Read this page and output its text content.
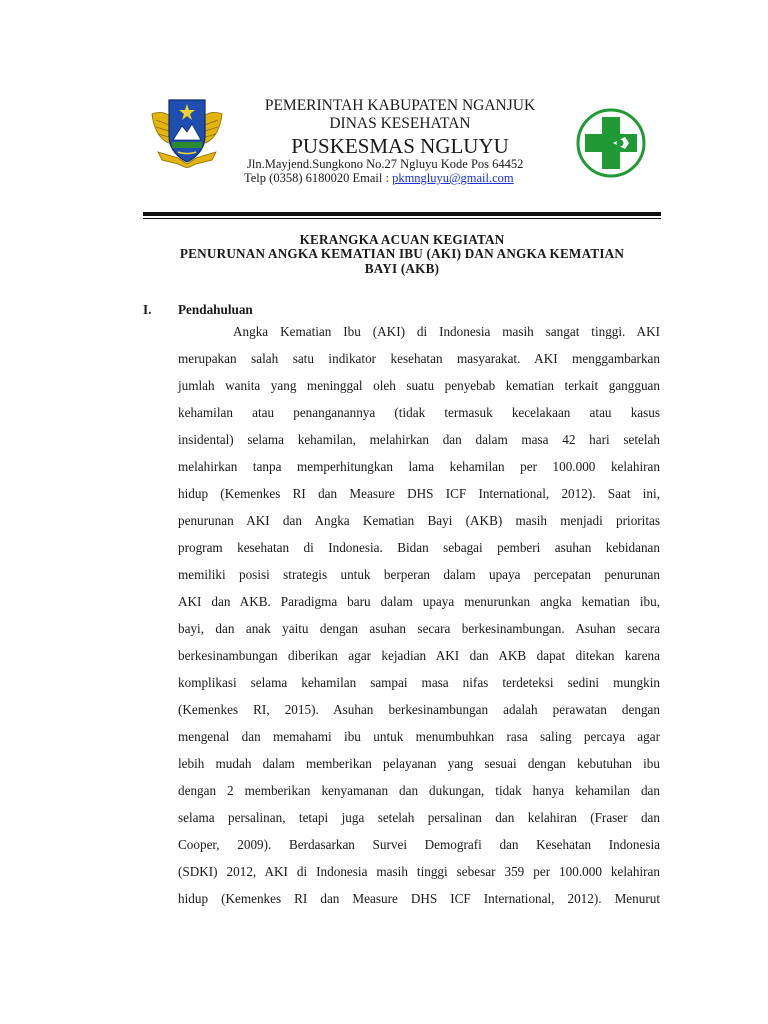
PEMERINTAH KABUPATEN NGANJUK

DINAS KESEHATAN

PUSKESMAS NGLUYU

Jln.Mayjend.Sungkono No.27 Ngluyu Kode Pos 64452

Telp (0358) 6180020 Email : pkmngluyu@gmail.com

KERANGKA ACUAN KEGIATAN

PENURUNAN ANGKA KEMATIAN IBU (AKI) DAN ANGKA KEMATIAN

BAYI (AKB)

I. Pendahuluan

Angka Kematian Ibu (AKI) di Indonesia masih sangat tinggi. AKI

merupakan salah satu indikator kesehatan masyarakat. AKI menggambarkan

jumlah wanita yang meninggal oleh suatu penyebab kematian terkait gangguan

kehamilan atau penanganannya (tidak termasuk kecelakaan atau kasus

insidental) selama kehamilan, melahirkan dan dalam masa 42 hari setelah

melahirkan tanpa memperhitungkan lama kehamilan per 100.000 kelahiran

hidup (Kemenkes RI dan Measure DHS ICF International, 2012). Saat ini,

penurunan AKI dan Angka Kematian Bayi (AKB) masih menjadi prioritas

program kesehatan di Indonesia. Bidan sebagai pemberi asuhan kebidanan

memiliki posisi strategis untuk berperan dalam upaya percepatan penurunan

AKI dan AKB. Paradigma baru dalam upaya menurunkan angka kematian ibu,

bayi, dan anak yaitu dengan asuhan secara berkesinambungan. Asuhan secara

berkesinambungan diberikan agar kejadian AKI dan AKB dapat ditekan karena

komplikasi selama kehamilan sampai masa nifas terdeteksi sedini mungkin

(Kemenkes RI, 2015). Asuhan berkesinambungan adalah perawatan dengan

mengenal dan memahami ibu untuk menumbuhkan rasa saling percaya agar

lebih mudah dalam memberikan pelayanan yang sesuai dengan kebutuhan ibu

dengan 2 memberikan kenyamanan dan dukungan, tidak hanya kehamilan dan

selama persalinan, tetapi juga setelah persalinan dan kelahiran (Fraser dan

Cooper, 2009). Berdasarkan Survei Demografi dan Kesehatan Indonesia

(SDKI) 2012, AKI di Indonesia masih tinggi sebesar 359 per 100.000 kelahiran

hidup (Kemenkes RI dan Measure DHS ICF International, 2012). Menurut
